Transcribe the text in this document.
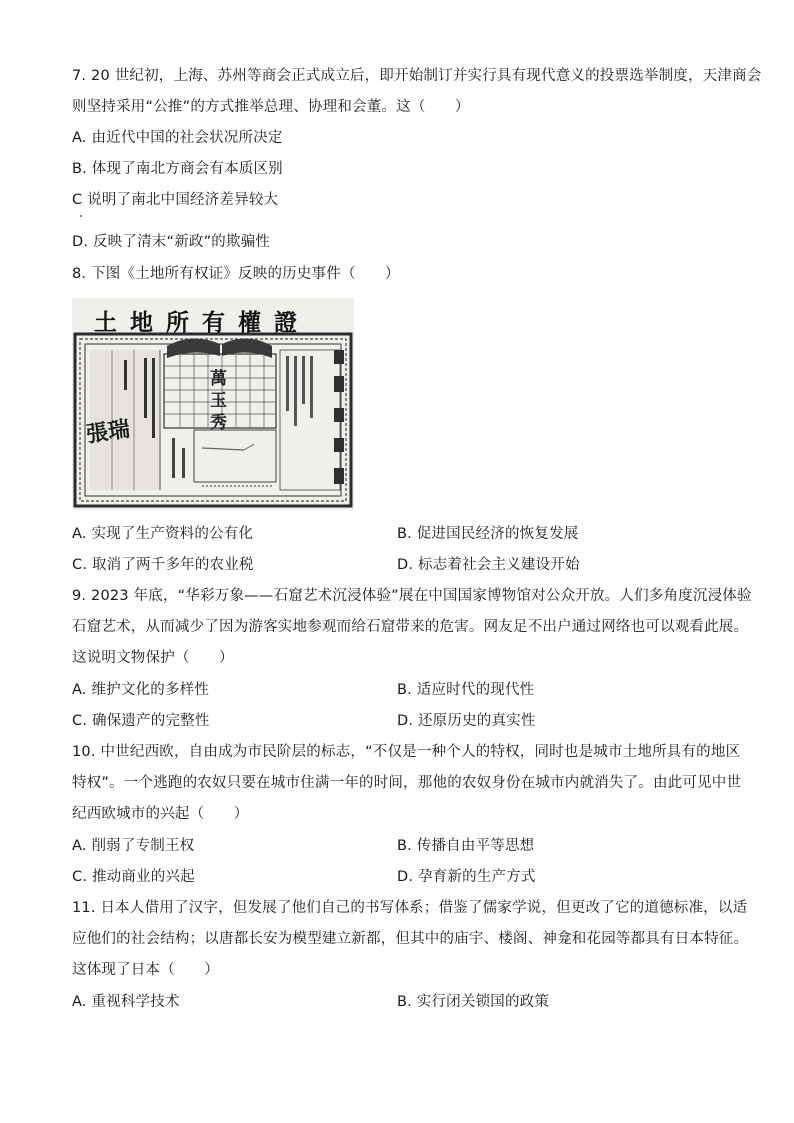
7. 20 世纪初，上海、苏州等商会正式成立后，即开始制订并实行具有现代意义的投票选举制度，天津商会
则坚持采用“公推”的方式推举总理、协理和会董。这（　　）
A. 由近代中国的社会状况所决定
B. 体现了南北方商会有本质区别
C 说明了南北中国经济差异较大
D. 反映了清末“新政”的欺骗性
8. 下图《土地所有权证》反映的历史事件（　　）
土地所有權證
萬玉秀
張瑞
A. 实现了生产资料的公有化	B. 促进国民经济的恢复发展
C. 取消了两千多年的农业税	D. 标志着社会主义建设开始
9. 2023 年底，“华彩万象——石窟艺术沉浸体验”展在中国国家博物馆对公众开放。人们多角度沉浸体验
石窟艺术，从而减少了因为游客实地参观而给石窟带来的危害。网友足不出户通过网络也可以观看此展。
这说明文物保护（　　）
A. 维护文化的多样性	B. 适应时代的现代性
C. 确保遗产的完整性	D. 还原历史的真实性
10. 中世纪西欧，自由成为市民阶层的标志，“不仅是一种个人的特权，同时也是城市土地所具有的地区
特权”。一个逃跑的农奴只要在城市住满一年的时间，那他的农奴身份在城市内就消失了。由此可见中世
纪西欧城市的兴起（　　）
A. 削弱了专制王权	B. 传播自由平等思想
C. 推动商业的兴起	D. 孕育新的生产方式
11. 日本人借用了汉字，但发展了他们自己的书写体系；借鉴了儒家学说，但更改了它的道德标准，以适
应他们的社会结构；以唐都长安为模型建立新都，但其中的庙宇、楼阁、神龛和花园等都具有日本特征。
这体现了日本（　　）
A. 重视科学技术	B. 实行闭关锁国的政策
